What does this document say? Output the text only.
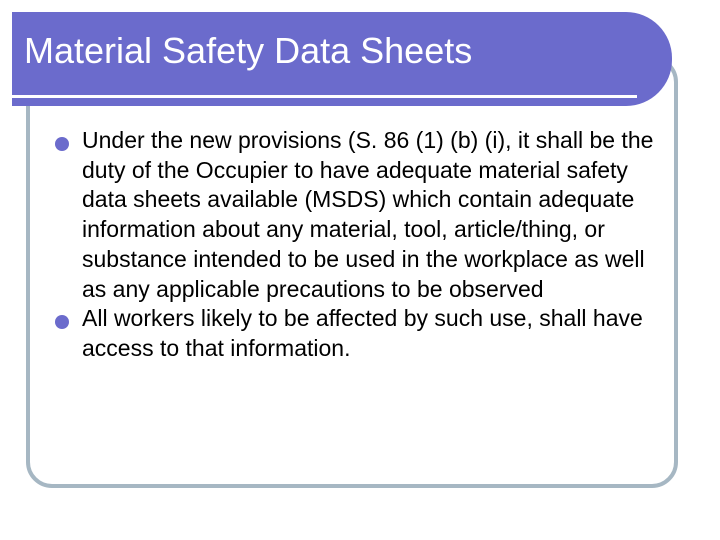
Material Safety Data Sheets
Under the new provisions (S. 86 (1) (b) (i), it shall be the duty of the Occupier to have adequate material safety data sheets available (MSDS) which contain adequate information about any material, tool, article/thing, or substance intended to be used in the workplace as well as any applicable precautions to be observed
All workers likely to be affected by such use, shall have access to that information.
